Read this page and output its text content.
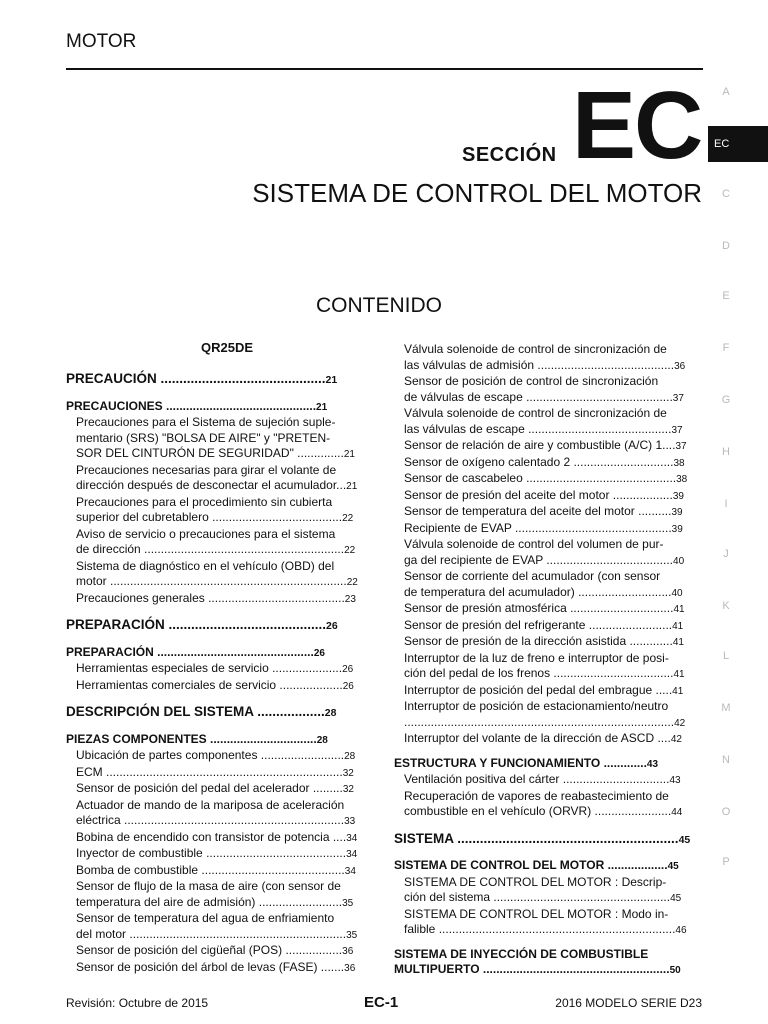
MOTOR
SECCIÓN EC
SISTEMA DE CONTROL DEL MOTOR
A
EC
C
D
E
F
G
H
I
J
K
L
M
N
O
P
CONTENIDO
QR25DE
PRECAUCIÓN ............................................21
PRECAUCIONES .............................................21
Precauciones para el Sistema de sujeción suple-
mentario (SRS) "BOLSA DE AIRE" y "PRETEN-
SOR DEL CINTURÓN DE SEGURIDAD" ..............21
Precauciones necesarias para girar el volante de
dirección después de desconectar el acumulador...21
Precauciones para el procedimiento sin cubierta
superior del cubretablero .......................................22
Aviso de servicio o precauciones para el sistema
de dirección ............................................................22
Sistema de diagnóstico en el vehículo (OBD) del
motor .......................................................................22
Precauciones generales .........................................23
PREPARACIÓN ..........................................26
PREPARACIÓN ...............................................26
Herramientas especiales de servicio .....................26
Herramientas comerciales de servicio ...................26
DESCRIPCIÓN DEL SISTEMA ..................28
PIEZAS COMPONENTES ................................28
Ubicación de partes componentes .........................28
ECM .......................................................................32
Sensor de posición del pedal del acelerador .........32
Actuador de mando de la mariposa de aceleración
eléctrica ..................................................................33
Bobina de encendido con transistor de potencia ....34
Inyector de combustible ..........................................34
Bomba de combustible ...........................................34
Sensor de flujo de la masa de aire (con sensor de
temperatura del aire de admisión) .........................35
Sensor de temperatura del agua de enfriamiento
del motor .................................................................35
Sensor de posición del cigüeñal (POS) .................36
Sensor de posición del árbol de levas (FASE) .......36
Válvula solenoide de control de sincronización de
las válvulas de admisión .........................................36
Sensor de posición de control de sincronización
de válvulas de escape ............................................37
Válvula solenoide de control de sincronización de
las válvulas de escape ...........................................37
Sensor de relación de aire y combustible (A/C) 1....37
Sensor de oxígeno calentado 2 ..............................38
Sensor de cascabeleo .............................................38
Sensor de presión del aceite del motor ..................39
Sensor de temperatura del aceite del motor ..........39
Recipiente de EVAP ...............................................39
Válvula solenoide de control del volumen de pur-
ga del recipiente de EVAP ......................................40
Sensor de corriente del acumulador (con sensor
de temperatura del acumulador) ............................40
Sensor de presión atmosférica ...............................41
Sensor de presión del refrigerante .........................41
Sensor de presión de la dirección asistida .............41
Interruptor de la luz de freno e interruptor de posi-
ción del pedal de los frenos ....................................41
Interruptor de posición del pedal del embrague .....41
Interruptor de posición de estacionamiento/neutro
.................................................................................42
Interruptor del volante de la dirección de ASCD ....42
ESTRUCTURA Y FUNCIONAMIENTO .............43
Ventilación positiva del cárter ................................43
Recuperación de vapores de reabastecimiento de
combustible en el vehículo (ORVR) .......................44
SISTEMA ...........................................................45
SISTEMA DE CONTROL DEL MOTOR ..................45
SISTEMA DE CONTROL DEL MOTOR : Descrip-
ción del sistema .....................................................45
SISTEMA DE CONTROL DEL MOTOR : Modo in-
falible .......................................................................46
SISTEMA DE INYECCIÓN DE COMBUSTIBLE
MULTIPUERTO ........................................................50
Revisión: Octubre de 2015	EC-1	2016 MODELO SERIE D23
